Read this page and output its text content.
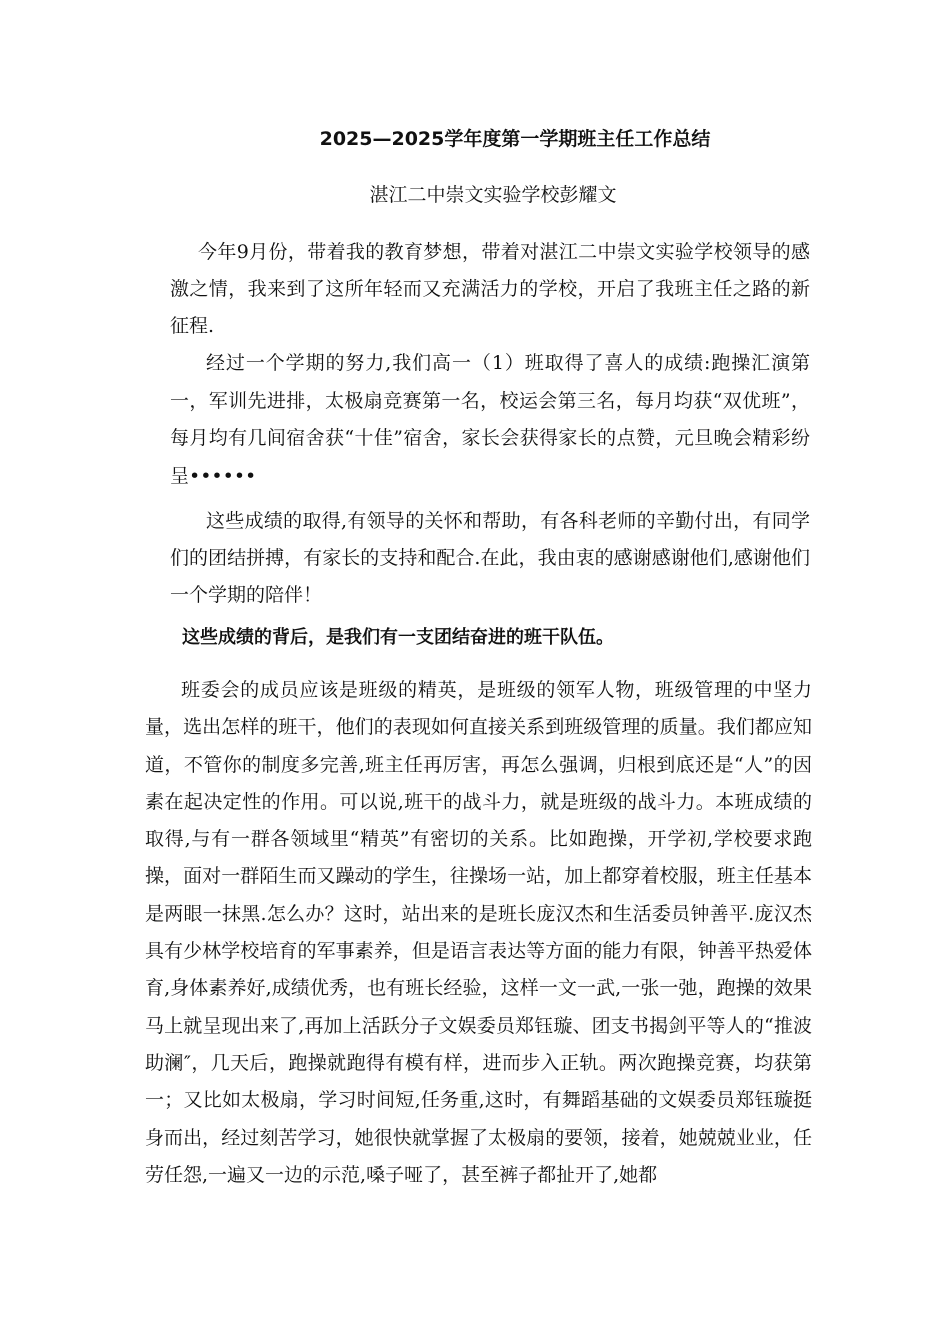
2025—2025学年度第一学期班主任工作总结

湛江二中崇文实验学校彭耀文

今年9月份，带着我的教育梦想，带着对湛江二中崇文实验学校领导的感激之情，我来到了这所年轻而又充满活力的学校，开启了我班主任之路的新征程.

经过一个学期的努力,我们高一（1）班取得了喜人的成绩:跑操汇演第一，军训先进排，太极扇竞赛第一名，校运会第三名，每月均获“双优班”，每月均有几间宿舍获“十佳”宿舍，家长会获得家长的点赞，元旦晚会精彩纷呈••••••

这些成绩的取得,有领导的关怀和帮助，有各科老师的辛勤付出，有同学们的团结拼搏，有家长的支持和配合.在此，我由衷的感谢感谢他们,感谢他们一个学期的陪伴！

这些成绩的背后，是我们有一支团结奋进的班干队伍。

班委会的成员应该是班级的精英，是班级的领军人物，班级管理的中坚力量，选出怎样的班干，他们的表现如何直接关系到班级管理的质量。我们都应知道，不管你的制度多完善,班主任再厉害，再怎么强调，归根到底还是“人”的因素在起决定性的作用。可以说,班干的战斗力，就是班级的战斗力。本班成绩的取得,与有一群各领域里“精英”有密切的关系。比如跑操，开学初,学校要求跑操，面对一群陌生而又躁动的学生，往操场一站，加上都穿着校服，班主任基本是两眼一抹黑.怎么办？这时，站出来的是班长庞汉杰和生活委员钟善平.庞汉杰具有少林学校培育的军事素养，但是语言表达等方面的能力有限，钟善平热爱体育,身体素养好,成绩优秀，也有班长经验，这样一文一武,一张一弛，跑操的效果马上就呈现出来了,再加上活跃分子文娱委员郑钰璇、团支书揭剑平等人的“推波助澜″，几天后，跑操就跑得有模有样，进而步入正轨。两次跑操竞赛，均获第一；又比如太极扇，学习时间短,任务重,这时，有舞蹈基础的文娱委员郑钰璇挺身而出，经过刻苦学习，她很快就掌握了太极扇的要领，接着，她兢兢业业，任劳任怨,一遍又一边的示范,嗓子哑了，甚至裤子都扯开了,她都
